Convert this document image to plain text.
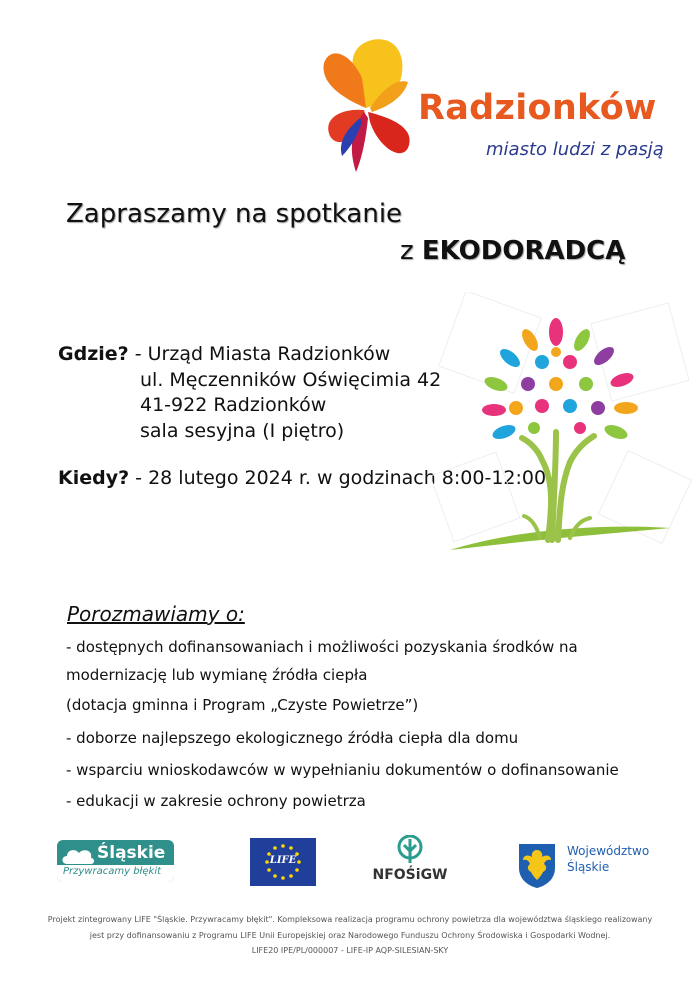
Radzionków
miasto ludzi z pasją
Zapraszamy na spotkanie
z EKODORADCĄ
Gdzie? - Urząd Miasta Radzionków
ul. Męczenników Oświęcimia 42
41-922 Radzionków
sala sesyjna (I piętro)
Kiedy? - 28 lutego 2024 r. w godzinach 8:00-12:00
Porozmawiamy o:
- dostępnych dofinansowaniach i możliwości pozyskania środków na
modernizację lub wymianę źródła ciepła
(dotacja gminna i Program „Czyste Powietrze”)
- doborze najlepszego ekologicznego źródła ciepła dla domu
- wsparciu wnioskodawców w wypełnianiu dokumentów o dofinansowanie
- edukacji w zakresie ochrony powietrza
Śląskie
Przywracamy błękit
LIFE
NFOŚiGW
Województwo
Śląskie
Projekt zintegrowany LIFE "Śląskie. Przywracamy błękit". Kompleksowa realizacja programu ochrony powietrza dla województwa śląskiego realizowany
jest przy dofinansowaniu z Programu LIFE Unii Europejskiej oraz Narodowego Funduszu Ochrony Środowiska i Gospodarki Wodnej.
LIFE20 IPE/PL/000007 - LIFE-IP AQP-SILESIAN-SKY
